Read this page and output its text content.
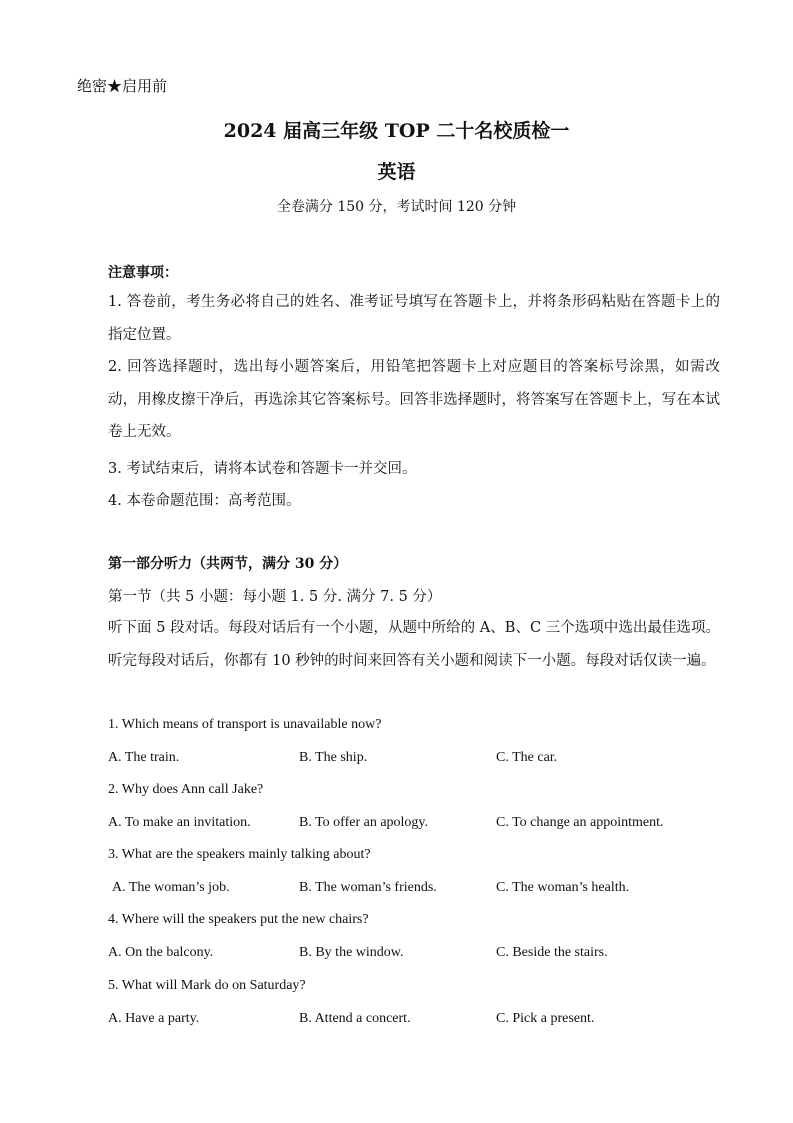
绝密★启用前
2024 届高三年级 TOP 二十名校质检一
英语
全卷满分 150 分，考试时间 120 分钟
注意事项：
1. 答卷前，考生务必将自己的姓名、准考证号填写在答题卡上，并将条形码粘贴在答题卡上的指定位置。
2. 回答选择题时，选出每小题答案后，用铅笔把答题卡上对应题目的答案标号涂黑，如需改动，用橡皮擦干净后，再选涂其它答案标号。回答非选择题时，将答案写在答题卡上，写在本试卷上无效。
3. 考试结束后，请将本试卷和答题卡一并交回。
4. 本卷命题范围：高考范围。
第一部分听力（共两节，满分 30 分）
第一节（共 5 小题：每小题 1. 5 分. 满分 7. 5 分）
听下面 5 段对话。每段对话后有一个小题，从题中所给的 A、B、C 三个选项中选出最佳选项。听完每段对话后，你都有 10 秒钟的时间来回答有关小题和阅读下一小题。每段对话仅读一遍。
1. Which means of transport is unavailable now?
A. The train.	B. The ship.	C. The car.
2. Why does Ann call Jake?
A. To make an invitation.	B. To offer an apology.	C. To change an appointment.
3. What are the speakers mainly talking about?
A. The woman’s job.	B. The woman’s friends.	C. The woman’s health.
4. Where will the speakers put the new chairs?
A. On the balcony.	B. By the window.	C. Beside the stairs.
5. What will Mark do on Saturday?
A. Have a party.	B. Attend a concert.	C. Pick a present.
